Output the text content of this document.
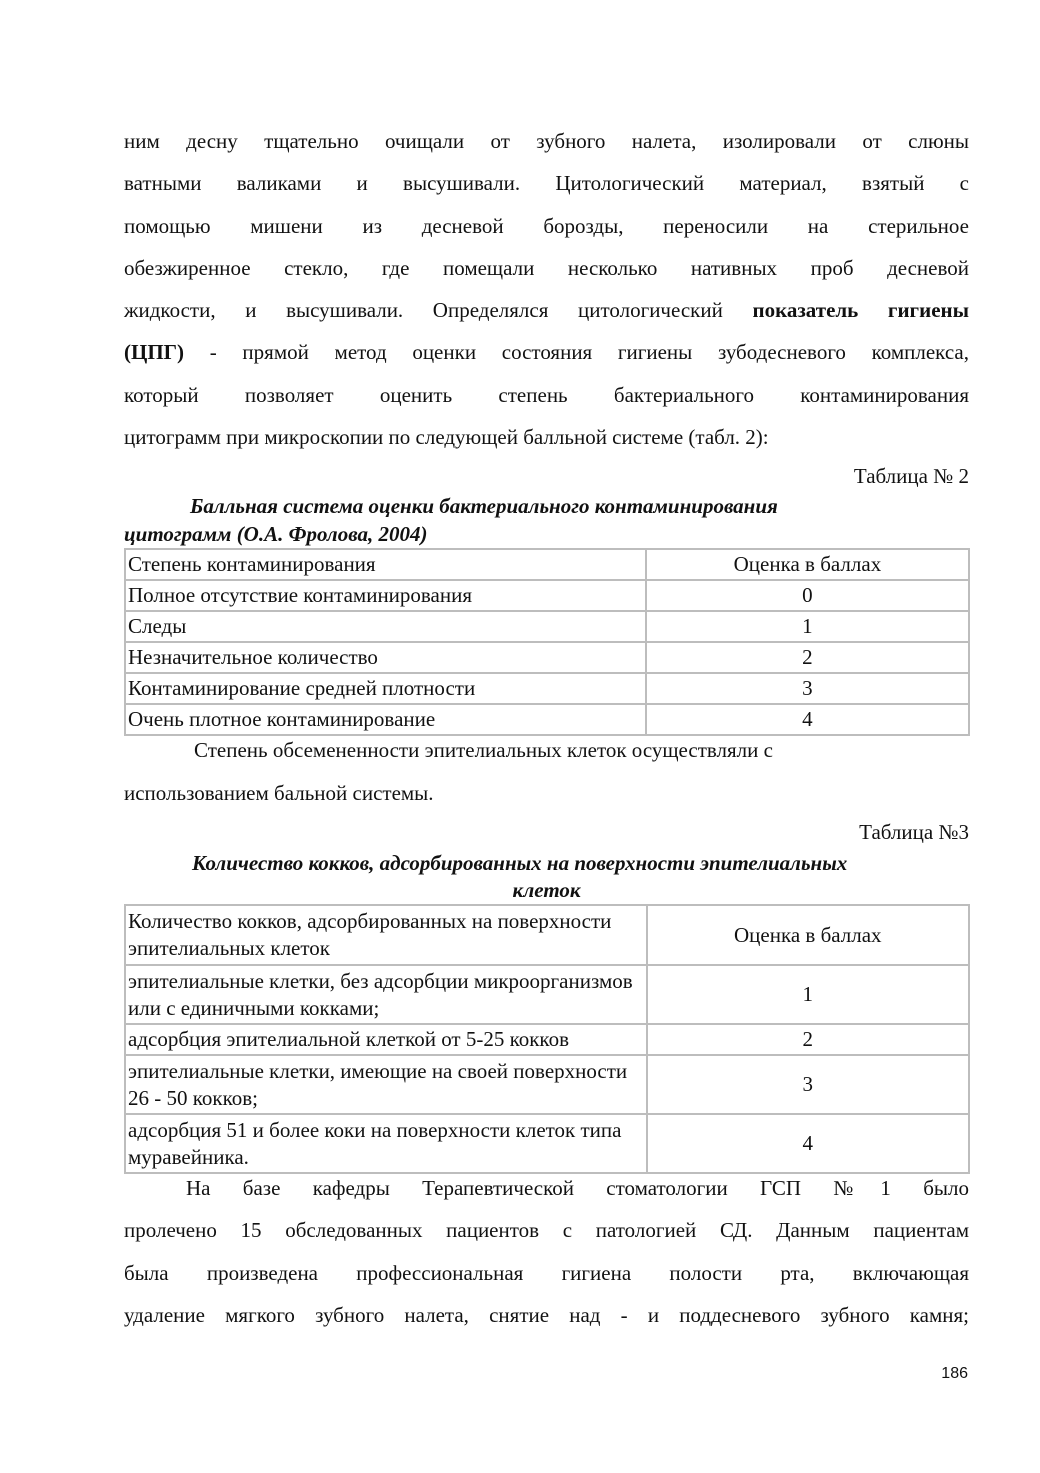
ним десну тщательно очищали от зубного налета, изолировали от слюны
ватными валиками и высушивали. Цитологический материал, взятый с
помощью мишени из десневой борозды, переносили на стерильное
обезжиренное стекло, где помещали несколько нативных проб десневой
жидкости, и высушивали. Определялся цитологический показатель гигиены
(ЦПГ) - прямой метод оценки состояния гигиены зубодесневого комплекса,
который позволяет оценить степень бактериального контаминирования
цитограмм при микроскопии по следующей балльной системе (табл. 2):
Таблица № 2
Балльная система оценки бактериального контаминирования
цитограмм (О.А. Фролова, 2004)
Степень контаминирования	Оценка в баллах
Полное отсутствие контаминирования	0
Следы	1
Незначительное количество	2
Контаминирование средней плотности	3
Очень плотное контаминирование	4
Степень обсемененности эпителиальных клеток осуществляли с
использованием бальной системы.
Таблица №3
Количество кокков, адсорбированных на поверхности эпителиальных
клеток
Количество кокков, адсорбированных на поверхности эпителиальных клеток	Оценка в баллах
эпителиальные клетки, без адсорбции микроорганизмов или с единичными кокками;	1
адсорбция эпителиальной клеткой от 5-25 кокков	2
эпителиальные клетки, имеющие на своей поверхности 26 - 50 кокков;	3
адсорбция 51 и более коки на поверхности клеток типа муравейника.	4
На базе кафедры Терапевтической стоматологии ГСП №1 было
пролечено 15 обследованных пациентов с патологией СД. Данным пациентам
была произведена профессиональная гигиена полости рта, включающая
удаление мягкого зубного налета, снятие над - и поддесневого зубного камня;
186
